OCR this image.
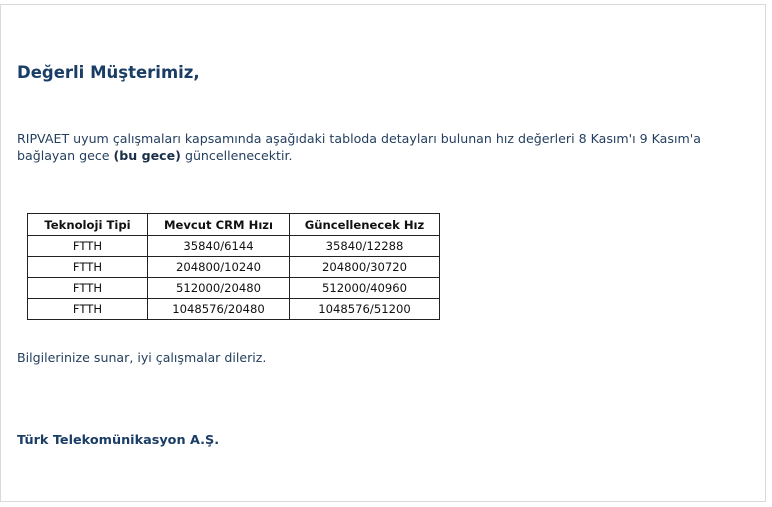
Değerli Müşterimiz,
RIPVAET uyum çalışmaları kapsamında aşağıdaki tabloda detayları bulunan hız değerleri 8 Kasım'ı 9 Kasım'a bağlayan gece (bu gece) güncellenecektir.
Teknoloji Tipi	Mevcut CRM Hızı	Güncellenecek Hız
FTTH	35840/6144	35840/12288
FTTH	204800/10240	204800/30720
FTTH	512000/20480	512000/40960
FTTH	1048576/20480	1048576/51200
Bilgilerinize sunar, iyi çalışmalar dileriz.
Türk Telekomünikasyon A.Ş.
